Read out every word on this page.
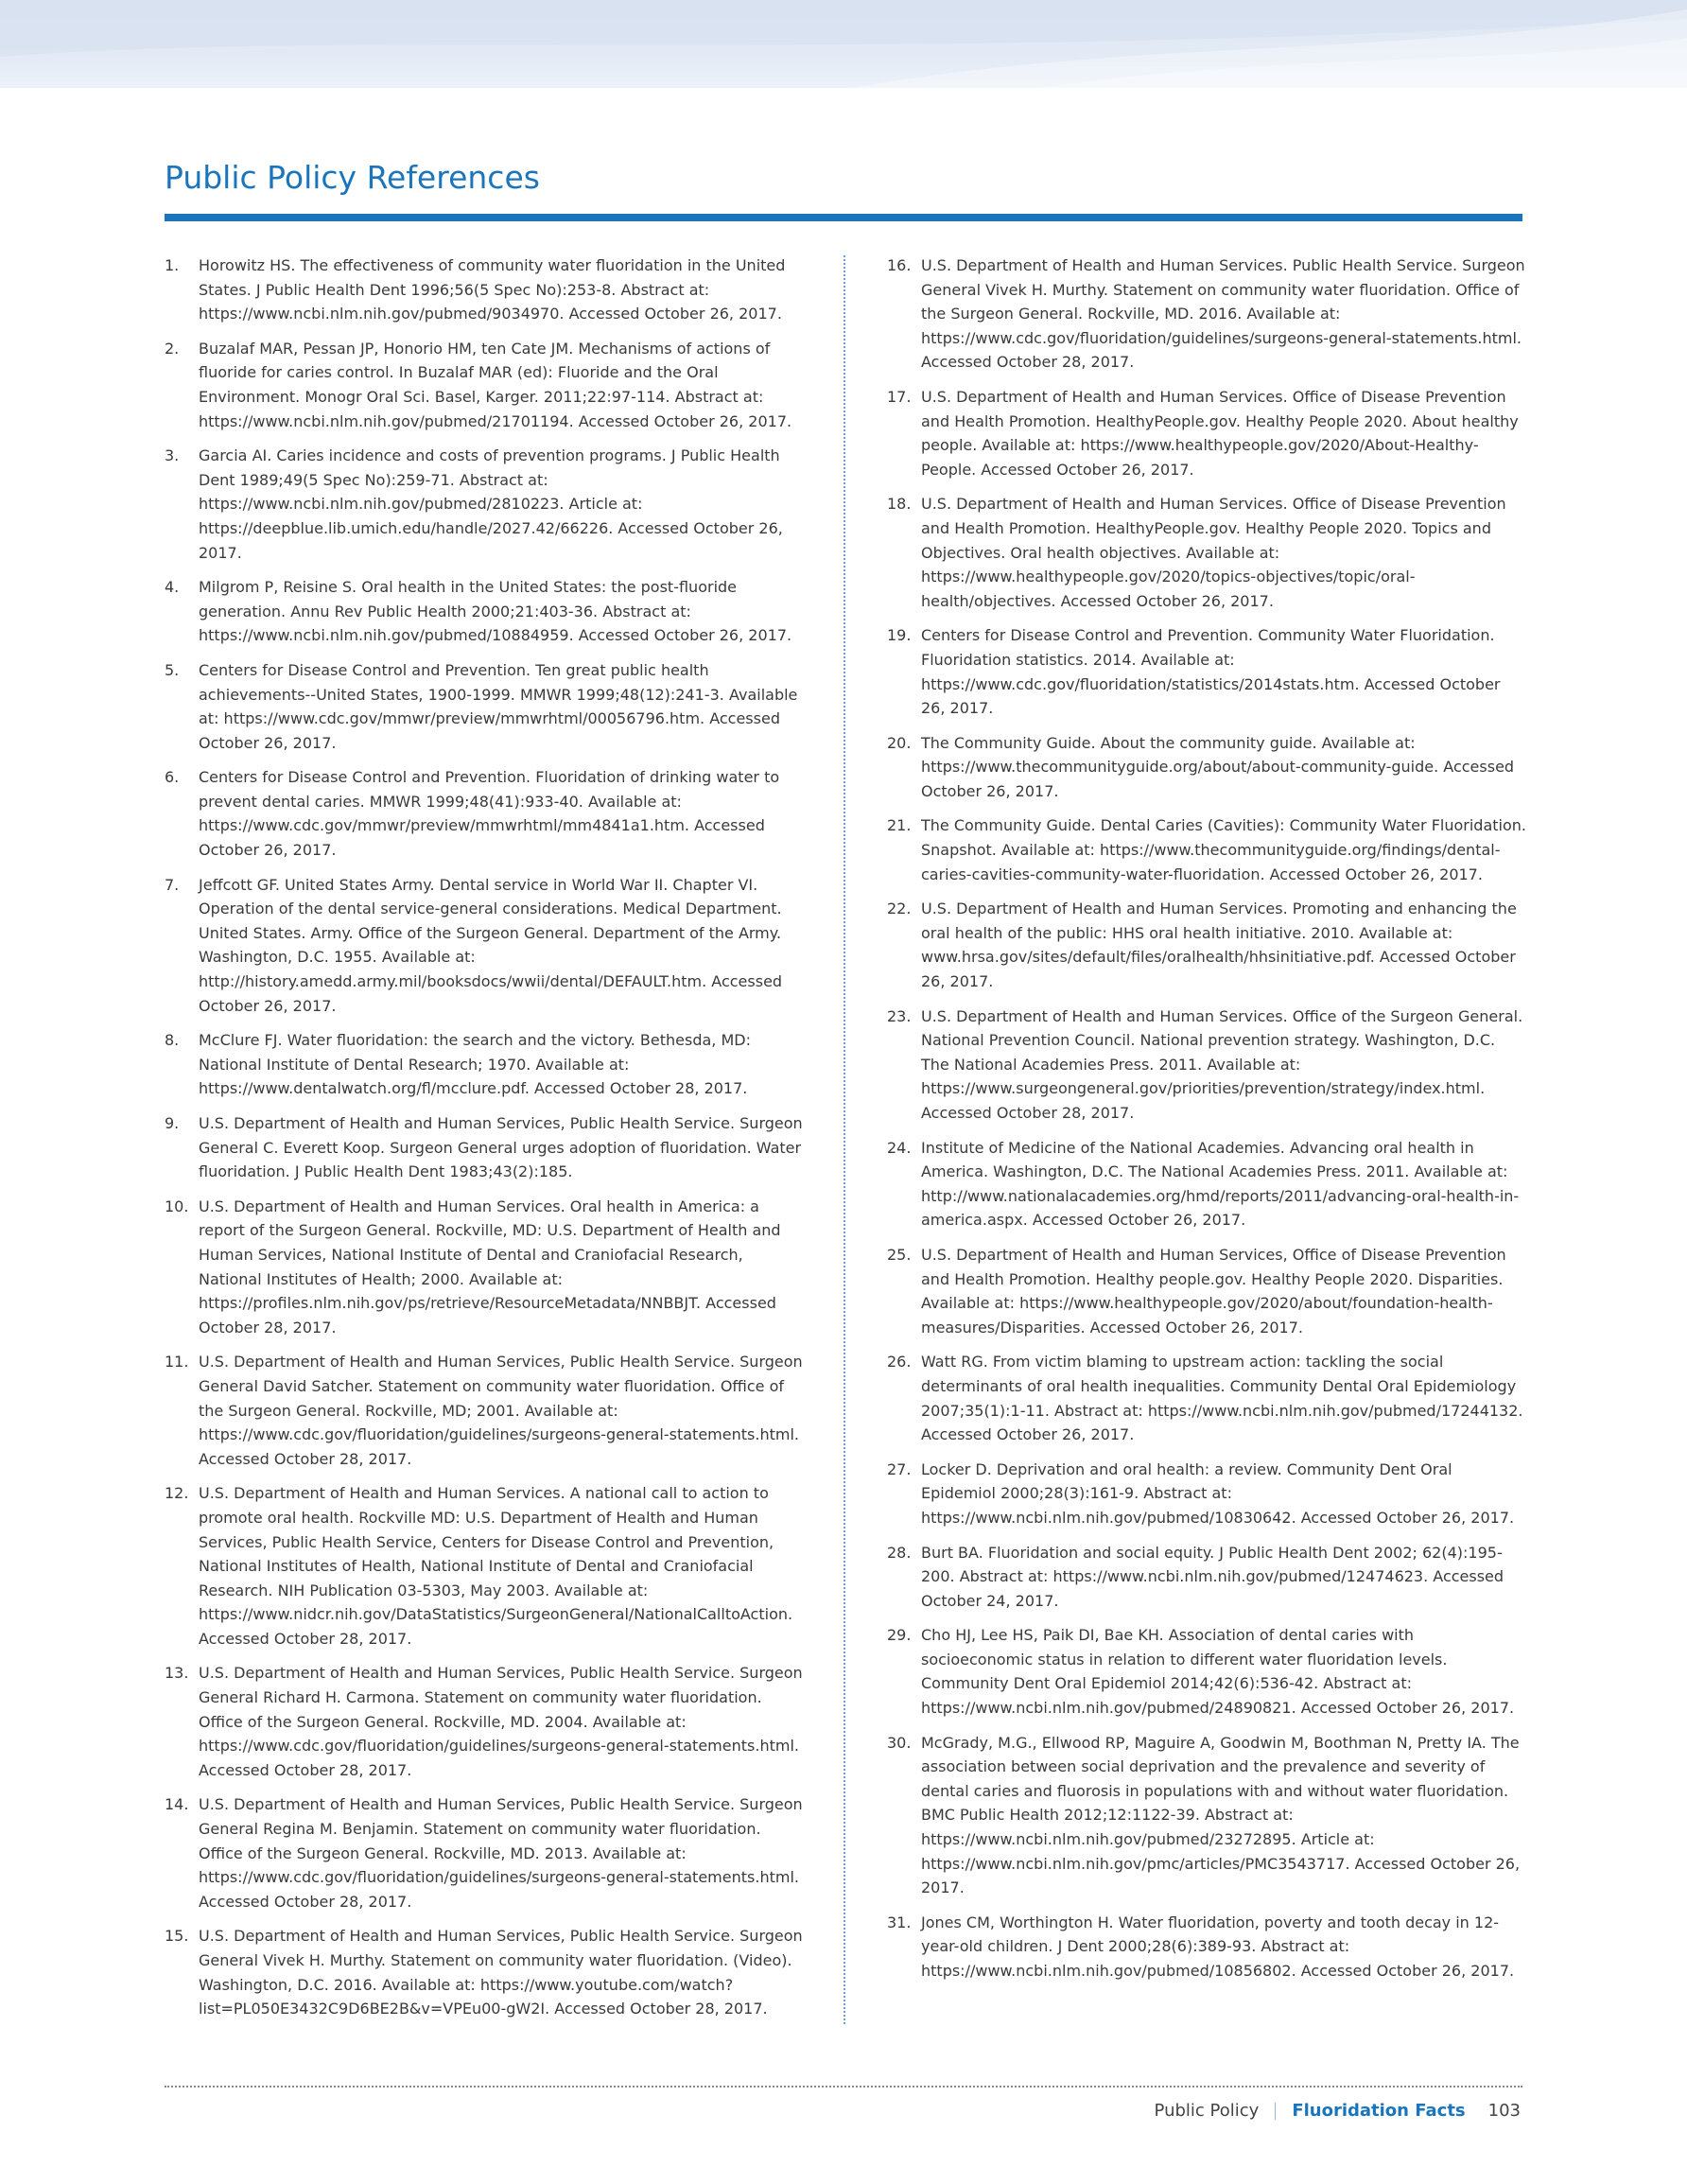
Public Policy References
1.	Horowitz HS. The effectiveness of community water fluoridation in the United States. J Public Health Dent 1996;56(5 Spec No):253-8. Abstract at: https://www.ncbi.nlm.nih.gov/pubmed/9034970. Accessed October 26, 2017.
2.	Buzalaf MAR, Pessan JP, Honorio HM, ten Cate JM. Mechanisms of actions of fluoride for caries control. In Buzalaf MAR (ed): Fluoride and the Oral Environment. Monogr Oral Sci. Basel, Karger. 2011;22:97-114. Abstract at: https://www.ncbi.nlm.nih.gov/pubmed/21701194. Accessed October 26, 2017.
3.	Garcia AI. Caries incidence and costs of prevention programs. J Public Health Dent 1989;49(5 Spec No):259-71. Abstract at: https://www.ncbi.nlm.nih.gov/pubmed/2810223. Article at: https://deepblue.lib.umich.edu/handle/2027.42/66226. Accessed October 26, 2017.
4.	Milgrom P, Reisine S. Oral health in the United States: the post-fluoride generation. Annu Rev Public Health 2000;21:403-36. Abstract at: https://www.ncbi.nlm.nih.gov/pubmed/10884959. Accessed October 26, 2017.
5.	Centers for Disease Control and Prevention. Ten great public health achievements--United States, 1900-1999. MMWR 1999;48(12):241-3. Available at: https://www.cdc.gov/mmwr/preview/mmwrhtml/00056796.htm. Accessed October 26, 2017.
6.	Centers for Disease Control and Prevention. Fluoridation of drinking water to prevent dental caries. MMWR 1999;48(41):933-40. Available at: https://www.cdc.gov/mmwr/preview/mmwrhtml/mm4841a1.htm. Accessed October 26, 2017.
7.	Jeffcott GF. United States Army. Dental service in World War II. Chapter VI. Operation of the dental service-general considerations. Medical Department. United States. Army. Office of the Surgeon General. Department of the Army. Washington, D.C. 1955. Available at: http://history.amedd.army.mil/booksdocs/wwii/dental/DEFAULT.htm. Accessed October 26, 2017.
8.	McClure FJ. Water fluoridation: the search and the victory. Bethesda, MD: National Institute of Dental Research; 1970. Available at: https://www.dentalwatch.org/fl/mcclure.pdf. Accessed October 28, 2017.
9.	U.S. Department of Health and Human Services, Public Health Service. Surgeon General C. Everett Koop. Surgeon General urges adoption of fluoridation. Water fluoridation. J Public Health Dent 1983;43(2):185.
10. U.S. Department of Health and Human Services. Oral health in America: a report of the Surgeon General. Rockville, MD: U.S. Department of Health and Human Services, National Institute of Dental and Craniofacial Research, National Institutes of Health; 2000. Available at: https://profiles.nlm.nih.gov/ps/retrieve/ResourceMetadata/NNBBJT. Accessed October 28, 2017.
11. U.S. Department of Health and Human Services, Public Health Service. Surgeon General David Satcher. Statement on community water fluoridation. Office of the Surgeon General. Rockville, MD; 2001. Available at: https://www.cdc.gov/fluoridation/guidelines/surgeons-general-statements.html. Accessed October 28, 2017.
12. U.S. Department of Health and Human Services. A national call to action to promote oral health. Rockville MD: U.S. Department of Health and Human Services, Public Health Service, Centers for Disease Control and Prevention, National Institutes of Health, National Institute of Dental and Craniofacial Research. NIH Publication 03-5303, May 2003. Available at: https://www.nidcr.nih.gov/DataStatistics/SurgeonGeneral/NationalCalltoAction. Accessed October 28, 2017.
13. U.S. Department of Health and Human Services, Public Health Service. Surgeon General Richard H. Carmona. Statement on community water fluoridation. Office of the Surgeon General. Rockville, MD. 2004. Available at: https://www.cdc.gov/fluoridation/guidelines/surgeons-general-statements.html. Accessed October 28, 2017.
14. U.S. Department of Health and Human Services, Public Health Service. Surgeon General Regina M. Benjamin. Statement on community water fluoridation. Office of the Surgeon General. Rockville, MD. 2013. Available at: https://www.cdc.gov/fluoridation/guidelines/surgeons-general-statements.html. Accessed October 28, 2017.
15. U.S. Department of Health and Human Services, Public Health Service. Surgeon General Vivek H. Murthy. Statement on community water fluoridation. (Video). Washington, D.C. 2016. Available at: https://www.youtube.com/watch?list=PL050E3432C9D6BE2B&v=VPEu00-gW2I. Accessed October 28, 2017.
16. U.S. Department of Health and Human Services. Public Health Service. Surgeon General Vivek H. Murthy. Statement on community water fluoridation. Office of the Surgeon General. Rockville, MD. 2016. Available at: https://www.cdc.gov/fluoridation/guidelines/surgeons-general-statements.html. Accessed October 28, 2017.
17. U.S. Department of Health and Human Services. Office of Disease Prevention and Health Promotion. HealthyPeople.gov. Healthy People 2020. About healthy people. Available at: https://www.healthypeople.gov/2020/About-Healthy-People. Accessed October 26, 2017.
18. U.S. Department of Health and Human Services. Office of Disease Prevention and Health Promotion. HealthyPeople.gov. Healthy People 2020. Topics and Objectives. Oral health objectives. Available at: https://www.healthypeople.gov/2020/topics-objectives/topic/oral-health/objectives. Accessed October 26, 2017.
19. Centers for Disease Control and Prevention. Community Water Fluoridation. Fluoridation statistics. 2014. Available at: https://www.cdc.gov/fluoridation/statistics/2014stats.htm. Accessed October 26, 2017.
20. The Community Guide. About the community guide. Available at: https://www.thecommunityguide.org/about/about-community-guide. Accessed October 26, 2017.
21. The Community Guide. Dental Caries (Cavities): Community Water Fluoridation. Snapshot. Available at: https://www.thecommunityguide.org/findings/dental-caries-cavities-community-water-fluoridation. Accessed October 26, 2017.
22. U.S. Department of Health and Human Services. Promoting and enhancing the oral health of the public: HHS oral health initiative. 2010. Available at: www.hrsa.gov/sites/default/files/oralhealth/hhsinitiative.pdf. Accessed October 26, 2017.
23. U.S. Department of Health and Human Services. Office of the Surgeon General. National Prevention Council. National prevention strategy. Washington, D.C. The National Academies Press. 2011. Available at: https://www.surgeongeneral.gov/priorities/prevention/strategy/index.html. Accessed October 28, 2017.
24. Institute of Medicine of the National Academies. Advancing oral health in America. Washington, D.C. The National Academies Press. 2011. Available at: http://www.nationalacademies.org/hmd/reports/2011/advancing-oral-health-in-america.aspx. Accessed October 26, 2017.
25. U.S. Department of Health and Human Services, Office of Disease Prevention and Health Promotion. Healthy people.gov. Healthy People 2020. Disparities. Available at: https://www.healthypeople.gov/2020/about/foundation-health-measures/Disparities. Accessed October 26, 2017.
26. Watt RG. From victim blaming to upstream action: tackling the social determinants of oral health inequalities. Community Dental Oral Epidemiology 2007;35(1):1-11. Abstract at: https://www.ncbi.nlm.nih.gov/pubmed/17244132. Accessed October 26, 2017.
27. Locker D. Deprivation and oral health: a review. Community Dent Oral Epidemiol 2000;28(3):161-9. Abstract at: https://www.ncbi.nlm.nih.gov/pubmed/10830642. Accessed October 26, 2017.
28. Burt BA. Fluoridation and social equity. J Public Health Dent 2002; 62(4):195-200. Abstract at: https://www.ncbi.nlm.nih.gov/pubmed/12474623. Accessed October 24, 2017.
29. Cho HJ, Lee HS, Paik DI, Bae KH. Association of dental caries with socioeconomic status in relation to different water fluoridation levels. Community Dent Oral Epidemiol 2014;42(6):536-42. Abstract at: https://www.ncbi.nlm.nih.gov/pubmed/24890821. Accessed October 26, 2017.
30. McGrady, M.G., Ellwood RP, Maguire A, Goodwin M, Boothman N, Pretty IA. The association between social deprivation and the prevalence and severity of dental caries and fluorosis in populations with and without water fluoridation. BMC Public Health 2012;12:1122-39. Abstract at: https://www.ncbi.nlm.nih.gov/pubmed/23272895. Article at: https://www.ncbi.nlm.nih.gov/pmc/articles/PMC3543717. Accessed October 26, 2017.
31. Jones CM, Worthington H. Water fluoridation, poverty and tooth decay in 12-year-old children. J Dent 2000;28(6):389-93. Abstract at: https://www.ncbi.nlm.nih.gov/pubmed/10856802. Accessed October 26, 2017.
Public Policy Fluoridation Facts 103
